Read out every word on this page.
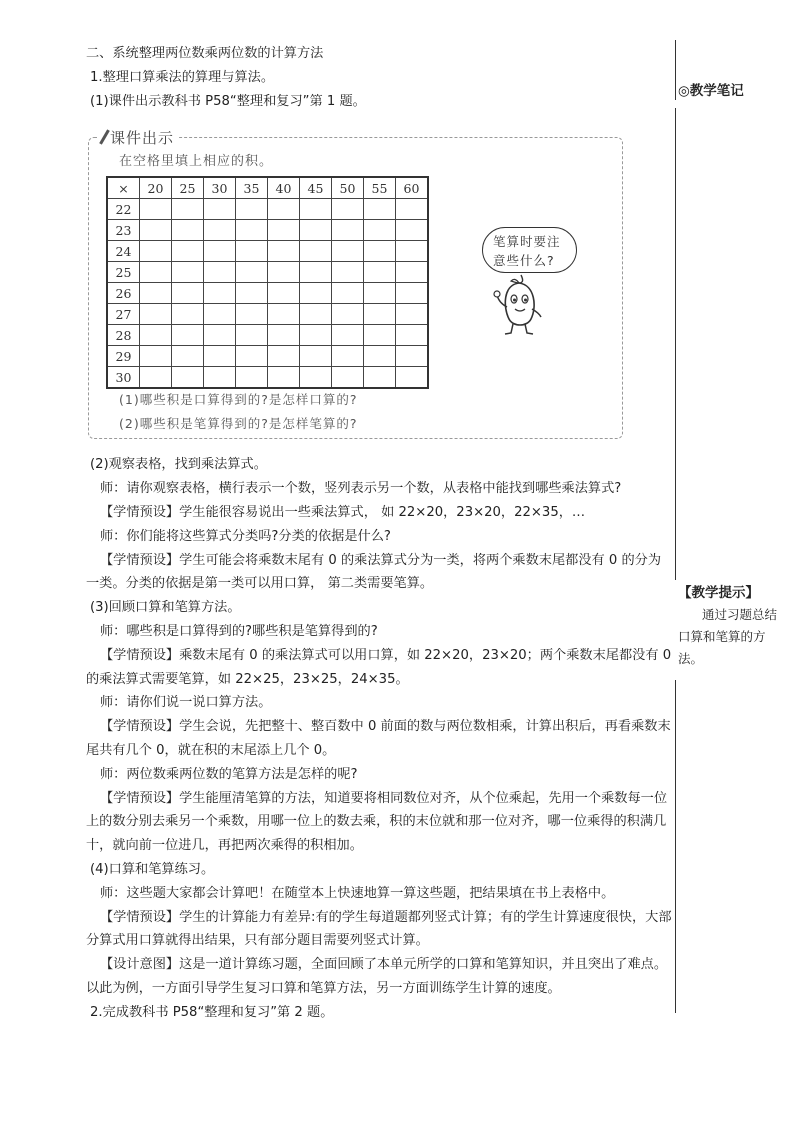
二、系统整理两位数乘两位数的计算方法

1.整理口算乘法的算理与算法。

(1)课件出示教科书 P58“整理和复习”第 1 题。

(2)观察表格，找到乘法算式。

师：请你观察表格，横行表示一个数，竖列表示另一个数，从表格中能找到哪些乘法算式?

【学情预设】学生能很容易说出一些乘法算式， 如 22×20，23×20，22×35，…

师：你们能将这些算式分类吗?分类的依据是什么?

【学情预设】学生可能会将乘数末尾有 0 的乘法算式分为一类，将两个乘数末尾都没有 0 的分为一类。分类的依据是第一类可以用口算， 第二类需要笔算。

(3)回顾口算和笔算方法。

师：哪些积是口算得到的?哪些积是笔算得到的?

【学情预设】乘数末尾有 0 的乘法算式可以用口算，如 22×20，23×20；两个乘数末尾都没有 0 的乘法算式需要笔算，如 22×25，23×25，24×35。

师：请你们说一说口算方法。

【学情预设】学生会说，先把整十、整百数中 0 前面的数与两位数相乘，计算出积后，再看乘数末尾共有几个 0，就在积的末尾添上几个 0。

师：两位数乘两位数的笔算方法是怎样的呢?

【学情预设】学生能厘清笔算的方法，知道要将相同数位对齐，从个位乘起，先用一个乘数每一位上的数分别去乘另一个乘数，用哪一位上的数去乘，积的末位就和那一位对齐，哪一位乘得的积满几十，就向前一位进几，再把两次乘得的积相加。

(4)口算和笔算练习。

师：这些题大家都会计算吧！在随堂本上快速地算一算这些题，把结果填在书上表格中。

【学情预设】学生的计算能力有差异:有的学生每道题都列竖式计算；有的学生计算速度很快，大部分算式用口算就得出结果，只有部分题目需要列竖式计算。

【设计意图】这是一道计算练习题，全面回顾了本单元所学的口算和笔算知识，并且突出了难点。以此为例，一方面引导学生复习口算和笔算方法，另一方面训练学生计算的速度。

2.完成教科书 P58“整理和复习”第 2 题。

课件出示
在空格里填上相应的积。
×	20	25	30	35	40	45	50	55	60
22									
23									
24									
25									
26									
27									
28									
29									
30									
(1)哪些积是口算得到的?是怎样口算的?
(2)哪些积是笔算得到的?是怎样笔算的?
笔算时要注
意些什么?
◎教学笔记
【教学提示】
通过习题总结口算和笔算的方法。
